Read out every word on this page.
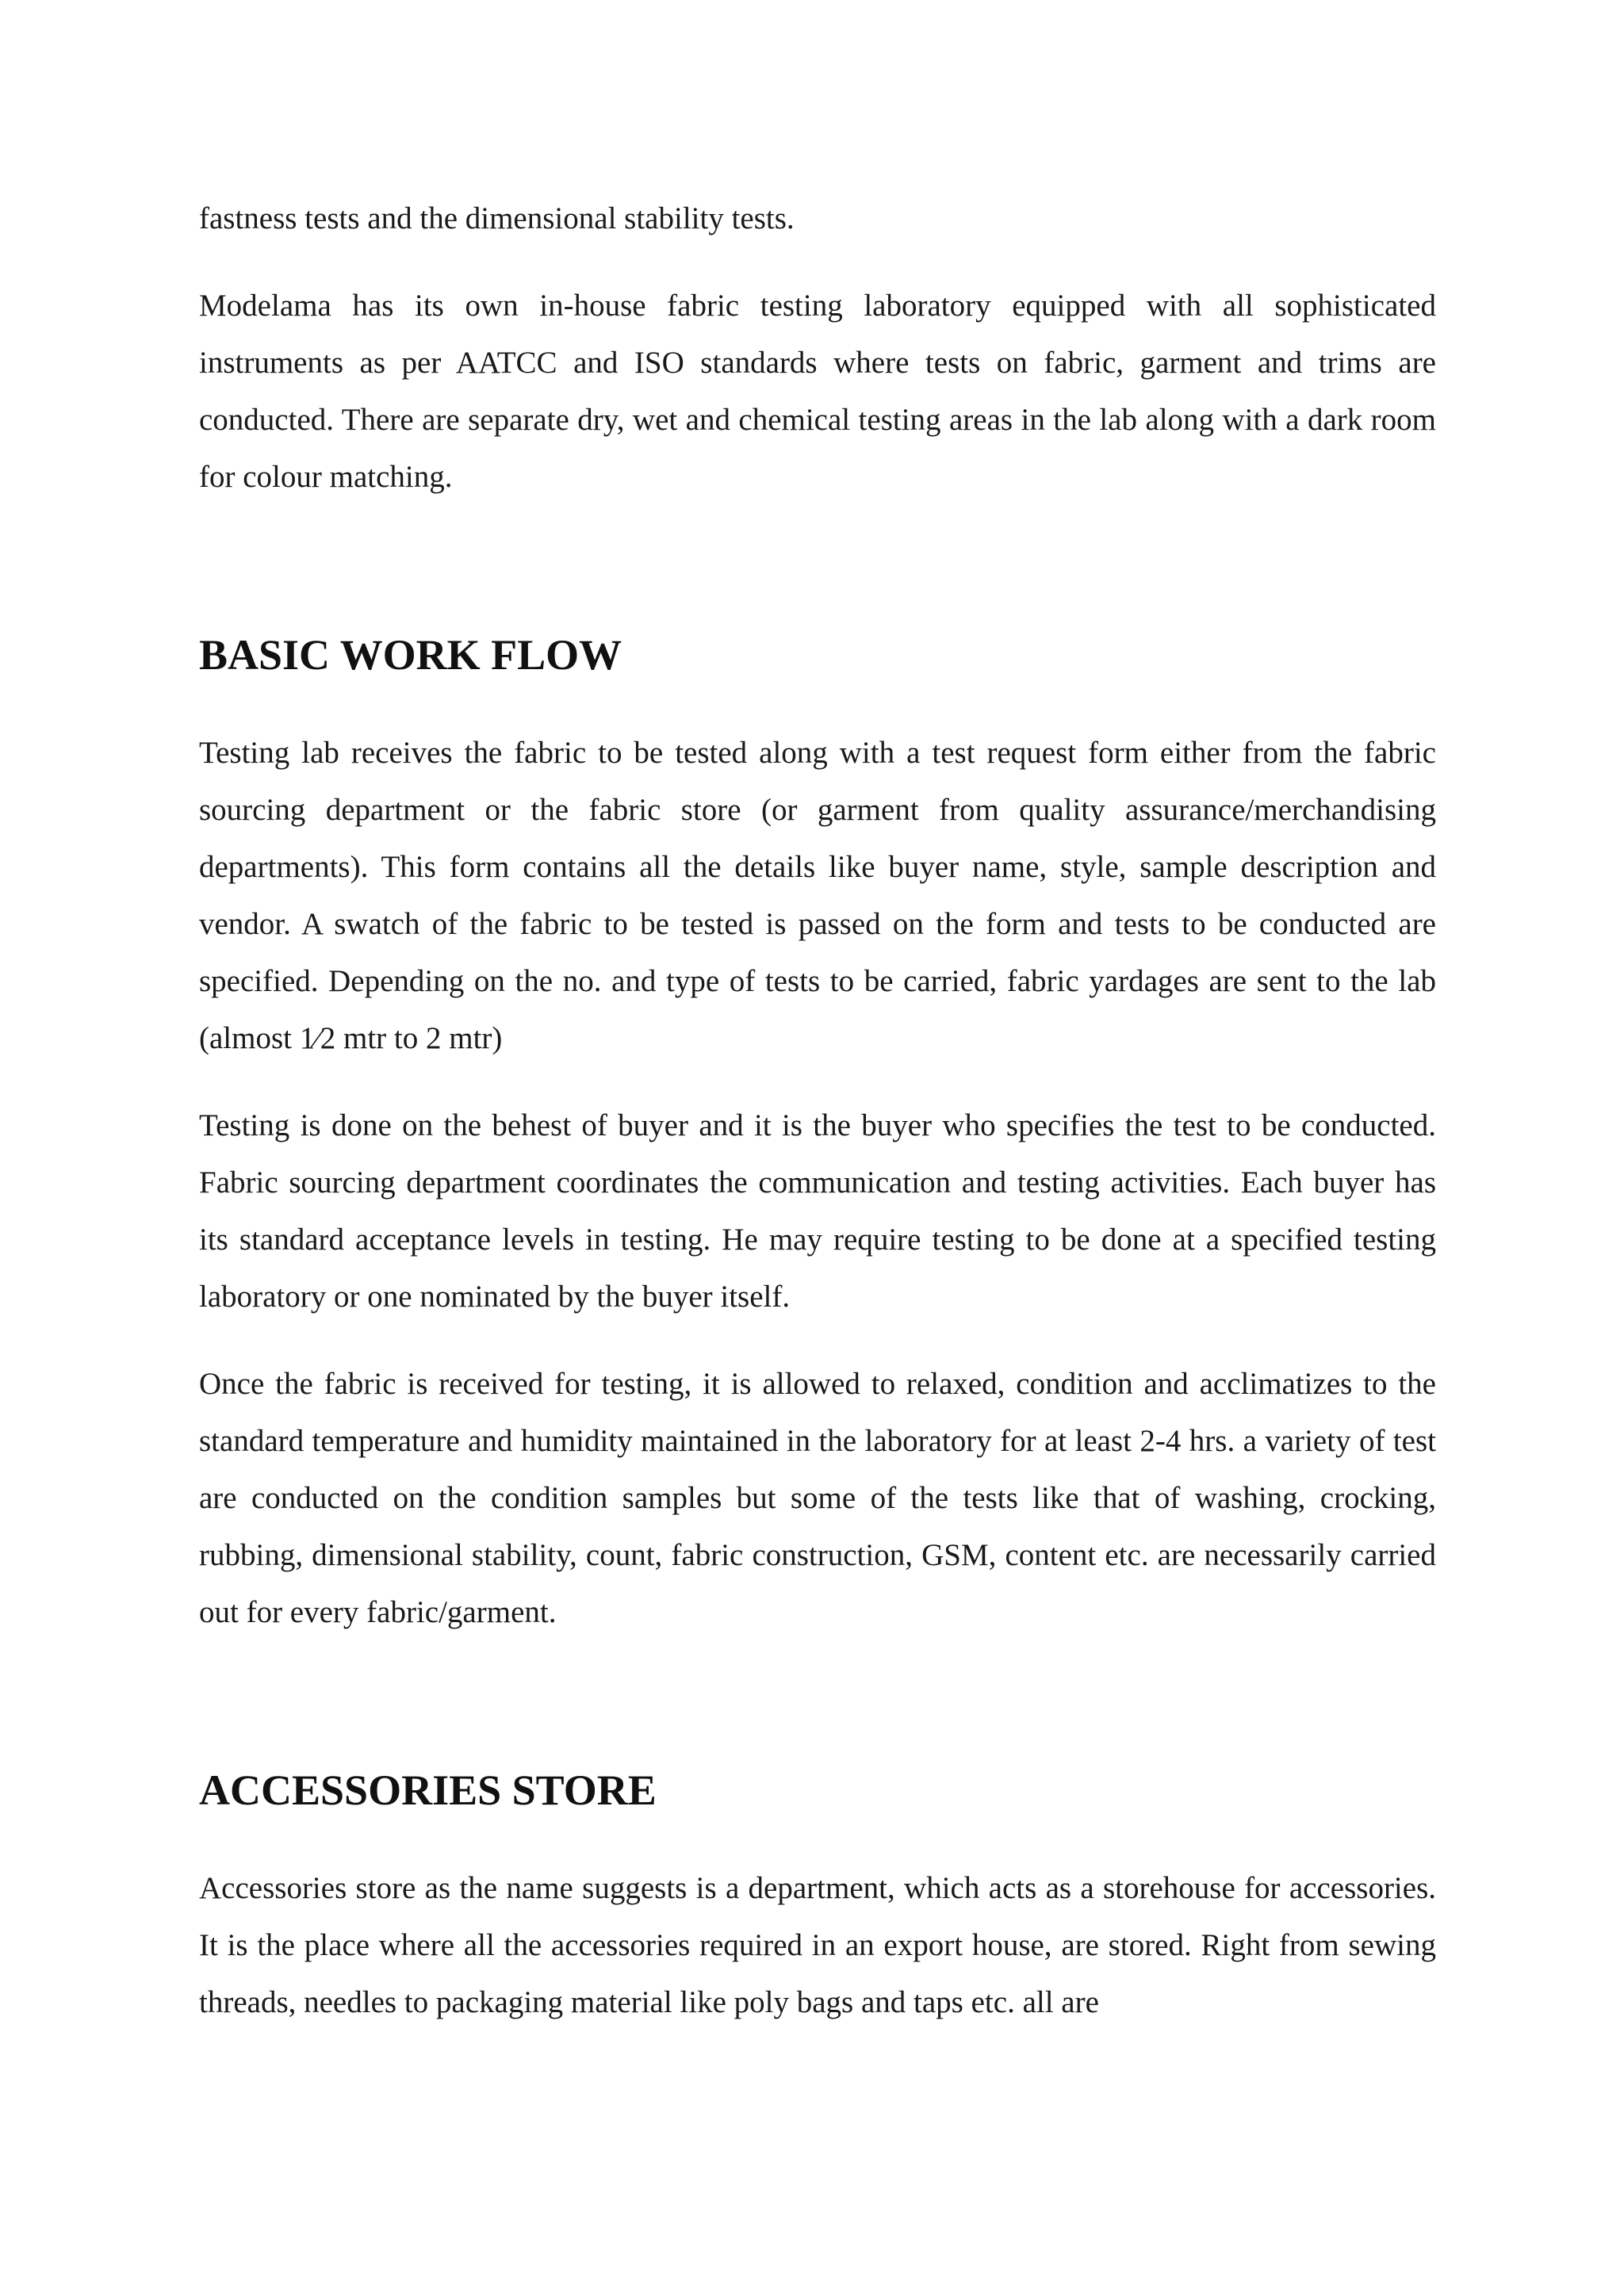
fastness tests and the dimensional stability tests.

Modelama has its own in-house fabric testing laboratory equipped with all sophisticated instruments as per AATCC and ISO standards where tests on fabric, garment and trims are conducted. There are separate dry, wet and chemical testing areas in the lab along with a dark room for colour matching.

BASIC WORK FLOW

Testing lab receives the fabric to be tested along with a test request form either from the fabric sourcing department or the fabric store (or garment from quality assurance/merchandising departments). This form contains all the details like buyer name, style, sample description and vendor. A swatch of the fabric to be tested is passed on the form and tests to be conducted are specified. Depending on the no. and type of tests to be carried, fabric yardages are sent to the lab (almost 1⁄2 mtr to 2 mtr)

Testing is done on the behest of buyer and it is the buyer who specifies the test to be conducted. Fabric sourcing department coordinates the communication and testing activities. Each buyer has its standard acceptance levels in testing. He may require testing to be done at a specified testing laboratory or one nominated by the buyer itself.

Once the fabric is received for testing, it is allowed to relaxed, condition and acclimatizes to the standard temperature and humidity maintained in the laboratory for at least 2-4 hrs. a variety of test are conducted on the condition samples but some of the tests like that of washing, crocking, rubbing, dimensional stability, count, fabric construction, GSM, content etc. are necessarily carried out for every fabric/garment.

ACCESSORIES STORE

Accessories store as the name suggests is a department, which acts as a storehouse for accessories. It is the place where all the accessories required in an export house, are stored. Right from sewing threads, needles to packaging material like poly bags and taps etc. all are
